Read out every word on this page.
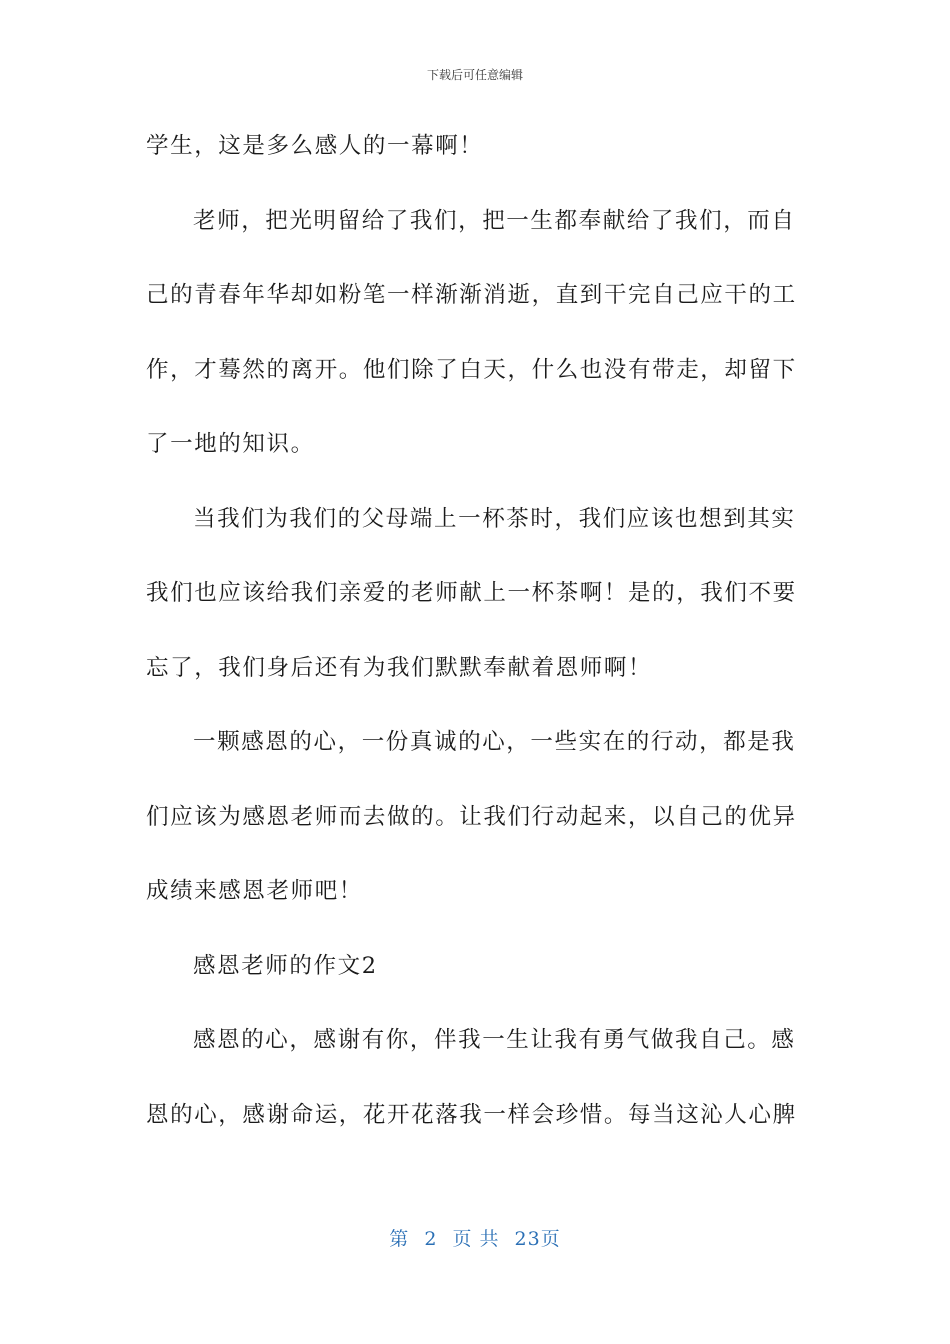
下载后可任意编辑
学生，这是多么感人的一幕啊！
老师，把光明留给了我们，把一生都奉献给了我们，而自
己的青春年华却如粉笔一样渐渐消逝，直到干完自己应干的工
作，才蓦然的离开。他们除了白天，什么也没有带走，却留下
了一地的知识。
当我们为我们的父母端上一杯茶时，我们应该也想到其实
我们也应该给我们亲爱的老师献上一杯茶啊！是的，我们不要
忘了，我们身后还有为我们默默奉献着恩师啊！
一颗感恩的心，一份真诚的心，一些实在的行动，都是我
们应该为感恩老师而去做的。让我们行动起来，以自己的优异
成绩来感恩老师吧！
感恩老师的作文2
感恩的心，感谢有你，伴我一生让我有勇气做我自己。感
恩的心，感谢命运，花开花落我一样会珍惜。每当这沁人心脾
第 2 页 共 23页
